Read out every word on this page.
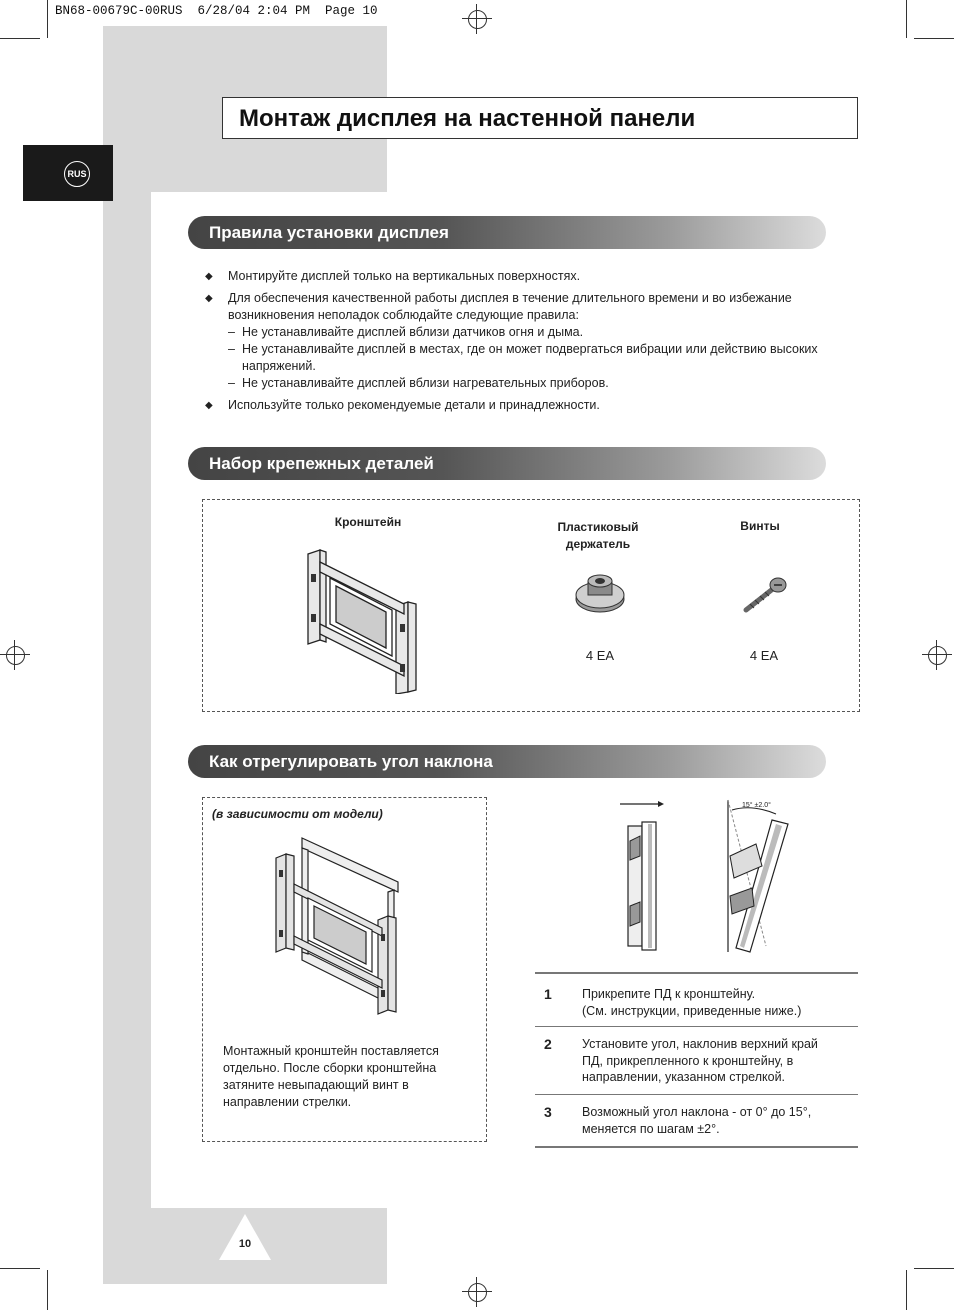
BN68-00679C-00RUS  6/28/04 2:04 PM  Page 10
Монтаж дисплея на настенной панели
RUS
Правила установки дисплея
◆ Монтируйте дисплей только на вертикальных поверхностях.
◆ Для обеспечения качественной работы дисплея в течение длительного времени и во избежание возникновения неполадок соблюдайте следующие правила:
– Не устанавливайте дисплей вблизи датчиков огня и дыма.
– Не устанавливайте дисплей в местах, где он может подвергаться вибрации или действию высоких напряжений.
– Не устанавливайте дисплей вблизи нагревательных приборов.
◆ Используйте только рекомендуемые детали и принадлежности.
Набор крепежных деталей
Кронштейн	Пластиковый
держатель
4 EA
Винты
4 EA
Как отрегулировать угол наклона
(в зависимости от модели)
Монтажный кронштейн поставляется
отдельно. После сборки кронштейна
затяните невыпадающий винт в
направлении стрелки.
15° ±2.0°
1 Прикрепите ПД к кронштейну.
(См. инструкции, приведенные ниже.)
2 Установите угол, наклонив верхний край
ПД, прикрепленного к кронштейну, в
направлении, указанном стрелкой.
3 Возможный угол наклона - от 0° до 15°,
меняется по шагам ±2°.
10
